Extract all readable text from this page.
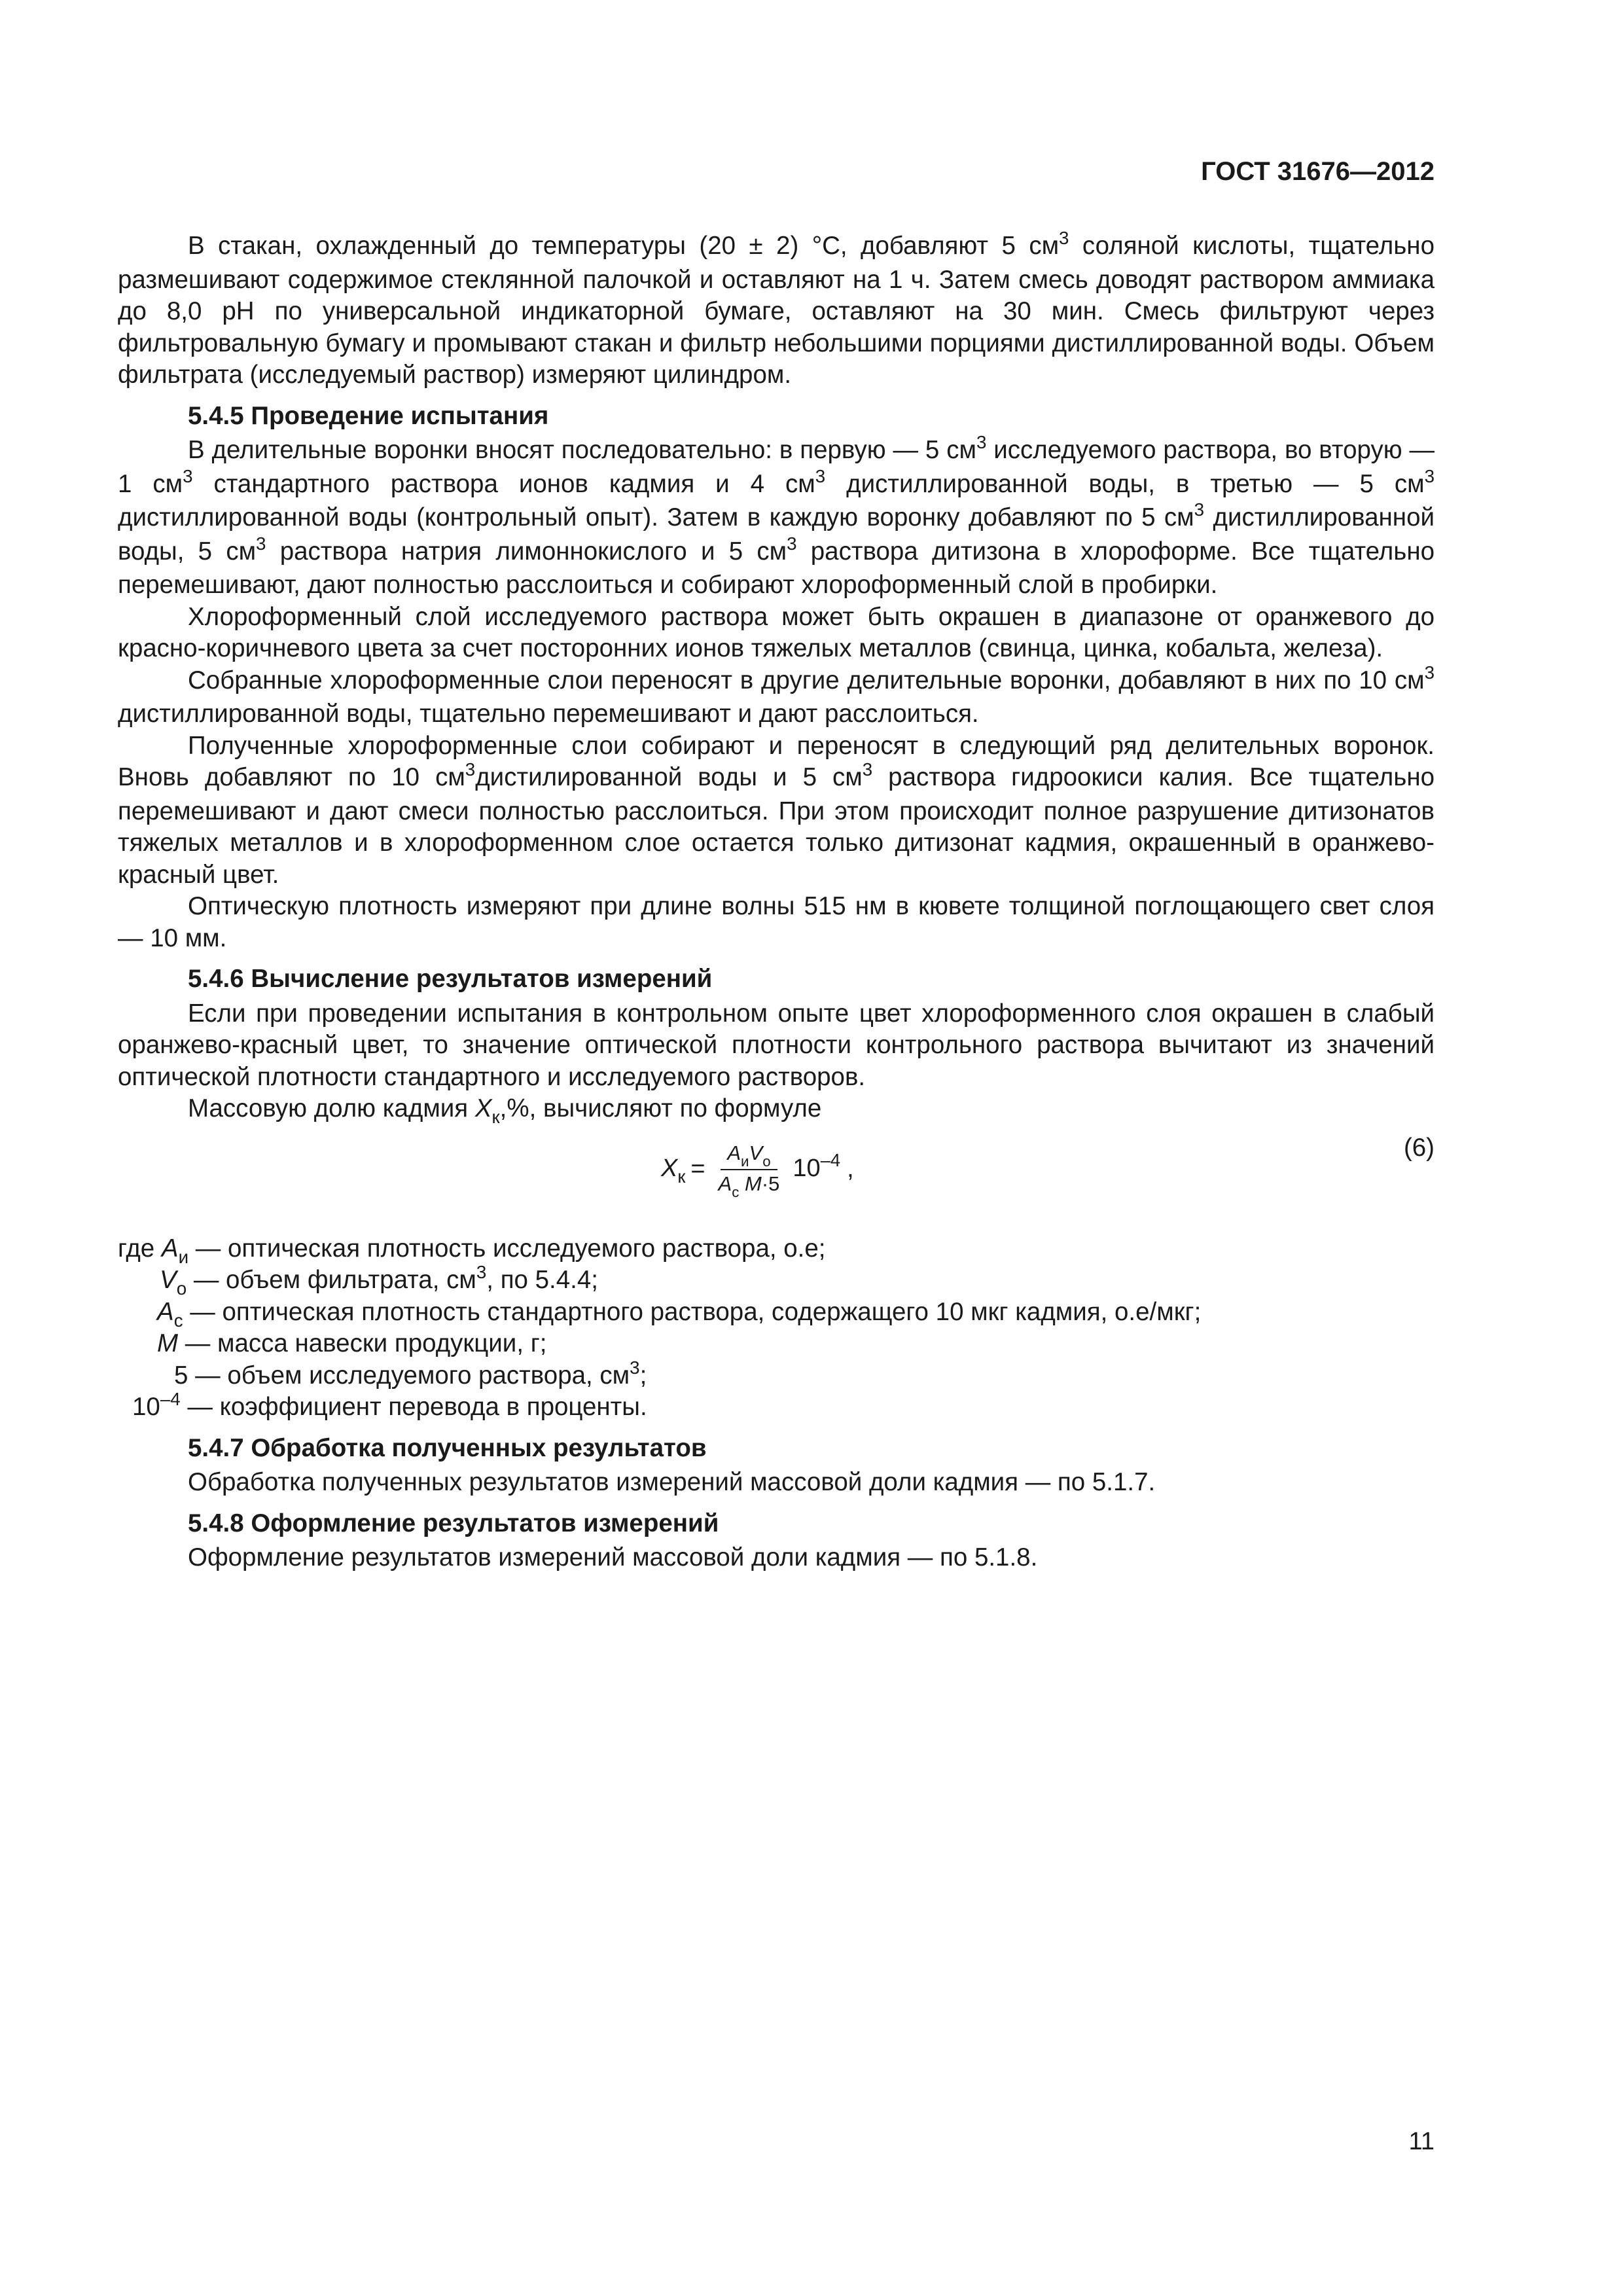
ГОСТ 31676—2012

В стакан, охлажденный до температуры (20 ± 2) °С, добавляют 5 $см^3$ соляной кислоты, тщательно размешивают содержимое стеклянной палочкой и оставляют на 1 ч. Затем смесь доводят раствором аммиака до 8,0 рН по универсальной индикаторной бумаге, оставляют на 30 мин. Смесь фильтруют через фильтровальную бумагу и промывают стакан и фильтр небольшими порциями дистиллированной воды. Объем фильтрата (исследуемый раствор) измеряют цилиндром.

5.4.5 Проведение испытания

В делительные воронки вносят последовательно: в первую — 5 $см^3$ исследуемого раствора, во вторую — 1 $см^3$ стандартного раствора ионов кадмия и 4 $см^3$ дистиллированной воды, в третью — 5 $см^3$ дистиллированной воды (контрольный опыт). Затем в каждую воронку добавляют по 5 $см^3$ дистиллированной воды, 5 $см^3$ раствора натрия лимоннокислого и 5 $см^3$ раствора дитизона в хлороформе. Все тщательно перемешивают, дают полностью расслоиться и собирают хлороформенный слой в пробирки.

Хлороформенный слой исследуемого раствора может быть окрашен в диапазоне от оранжевого до красно-коричневого цвета за счет посторонних ионов тяжелых металлов (свинца, цинка, кобальта, железа).

Собранные хлороформенные слои переносят в другие делительные воронки, добавляют в них по 10 $см^3$ дистиллированной воды, тщательно перемешивают и дают расслоиться.

Полученные хлороформенные слои собирают и переносят в следующий ряд делительных воронок. Вновь добавляют по 10 $см^3дистилированной$ воды и 5 $см^3$ раствора гидроокиси калия. Все тщательно перемешивают и дают смеси полностью расслоиться. При этом происходит полное разрушение дитизонатов тяжелых металлов и в хлороформенном слое остается только дитизонат кадмия, окрашенный в оранжево-красный цвет.

Оптическую плотность измеряют при длине волны 515 нм в кювете толщиной поглощающего свет слоя — 10 мм.

5.4.6 Вычисление результатов измерений

Если при проведении испытания в контрольном опыте цвет хлороформенного слоя окрашен в слабый оранжево-красный цвет, то значение оптической плотности контрольного раствора вычитают из значений оптической плотности стандартного и исследуемого растворов.

Массовую долю кадмия $X_к,\%$, вычисляют по формуле

$X_к = \frac{A_иV_o}{A_с M\cdot 5} 10^{-4}$ ,
(6)
где $A_и$ — оптическая плотность исследуемого раствора, о.е;
$V_o$ — объем фильтрата, $см^3$, по 5.4.4;
$A_c$ — оптическая плотность стандартного раствора, содержащего 10 мкг кадмия, о.е/мкг;
M — масса навески продукции, г;
5 — объем исследуемого раствора, $см^3$;
$10^{-4}$ — коэффициент перевода в проценты.

5.4.7 Обработка полученных результатов

Обработка полученных результатов измерений массовой доли кадмия — по 5.1.7.

5.4.8 Оформление результатов измерений

Оформление результатов измерений массовой доли кадмия — по 5.1.8.

11
